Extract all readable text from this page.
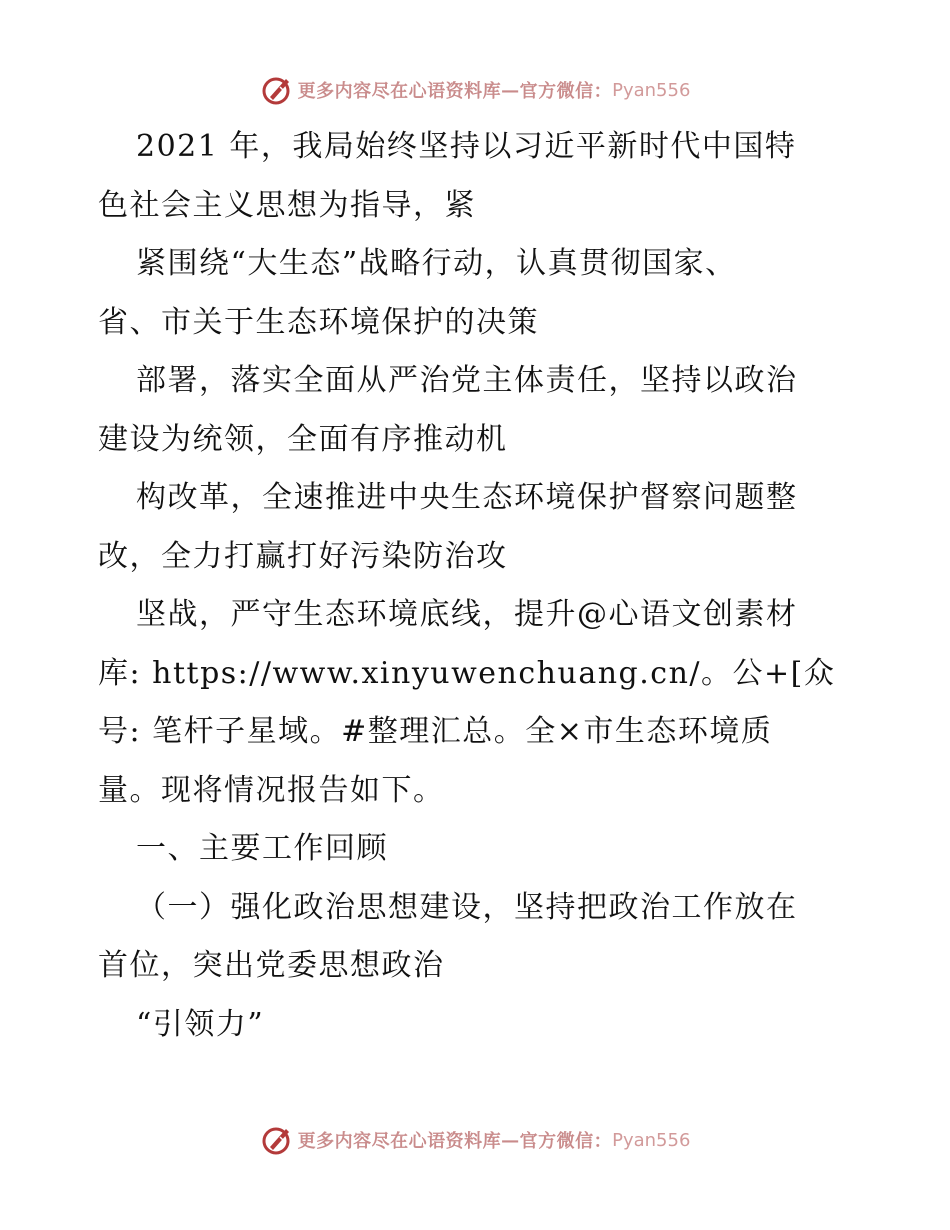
更多内容尽在心语资料库 — 官方微信： Pyan556
2021 年，我局始终坚持以习近平新时代中国特
色社会主义思想为指导，紧
紧围绕“大生态”战略行动，认真贯彻国家、
省、市关于生态环境保护的决策
部署，落实全面从严治党主体责任，坚持以政治
建设为统领，全面有序推动机
构改革，全速推进中央生态环境保护督察问题整
改，全力打赢打好污染防治攻
坚战，严守生态环境底线，提升@心语文创素材
库: https://www.xinyuwenchuang.cn/。公+[众
号: 笔杆子星域。#整理汇总。全×市生态环境质
量。现将情况报告如下。
一、主要工作回顾
（一）强化政治思想建设，坚持把政治工作放在
首位，突出党委思想政治
“引领力”
更多内容尽在心语资料库 — 官方微信： Pyan556
